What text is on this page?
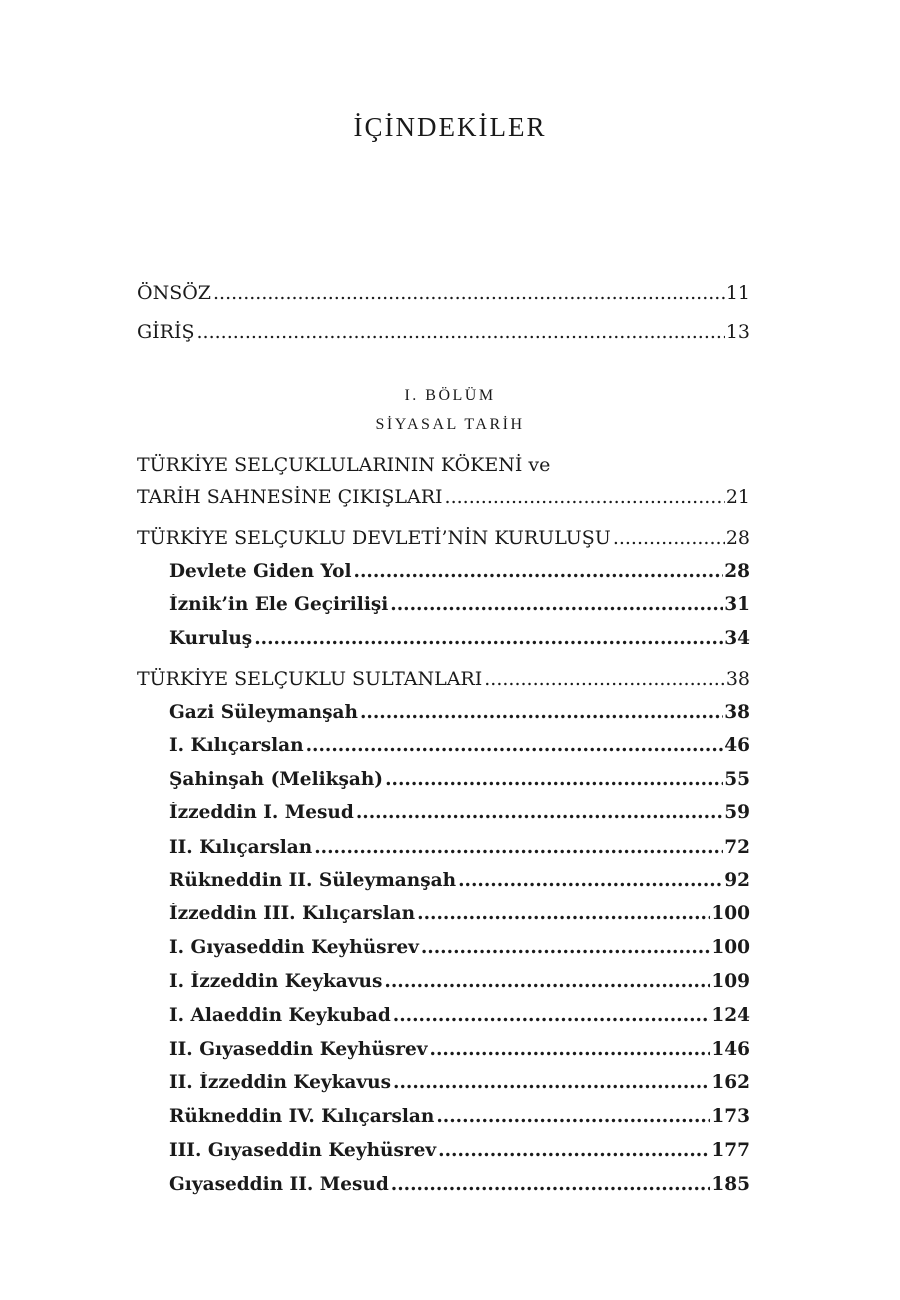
İÇİNDEKİLER
ÖNSÖZ .....	11
GİRİŞ .....	13
I. BÖLÜM
SİYASAL TARİH
TÜRKİYE SELÇUKLULARININ KÖKENİ ve
TARİH SAHNESİNE ÇIKIŞLARI .....	21
TÜRKİYE SELÇUKLU DEVLETİ’NİN KURULUŞU .....	28
Devlete Giden Yol .....	28
İznik’in Ele Geçirilişi .....	31
Kuruluş .....	34
TÜRKİYE SELÇUKLU SULTANLARI .....	38
Gazi Süleymanşah .....	38
I. Kılıçarslan .....	46
Şahinşah (Melikşah) .....	55
İzzeddin I. Mesud .....	59
II. Kılıçarslan .....	72
Rükneddin II. Süleymanşah .....	92
İzzeddin III. Kılıçarslan .....	100
I. Gıyaseddin Keyhüsrev .....	100
I. İzzeddin Keykavus .....	109
I. Alaeddin Keykubad .....	124
II. Gıyaseddin Keyhüsrev .....	146
II. İzzeddin Keykavus .....	162
Rükneddin IV. Kılıçarslan .....	173
III. Gıyaseddin Keyhüsrev .....	177
Gıyaseddin II. Mesud .....	185
